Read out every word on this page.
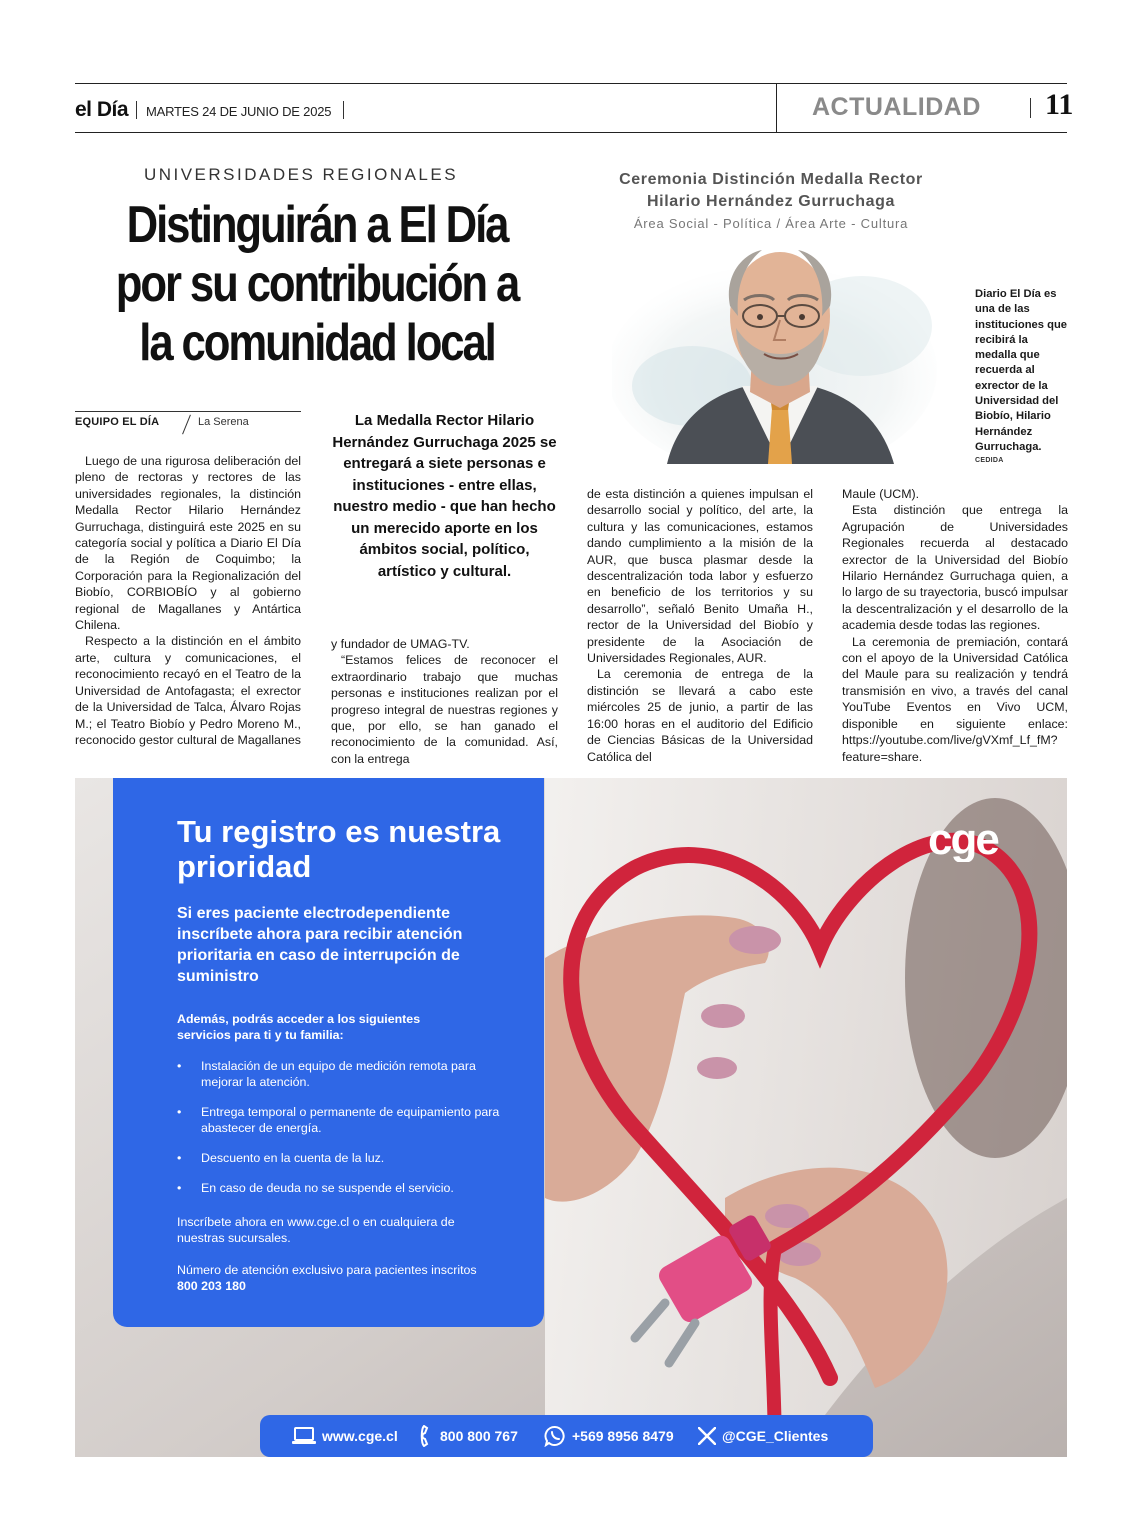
el Día MARTES 24 DE JUNIO DE 2025	ACTUALIDAD 11
UNIVERSIDADES REGIONALES
Distinguirán a El Día por su contribución a la comunidad local
EQUIPO EL DÍA	La Serena

Luego de una rigurosa deliberación del pleno de rectoras y rectores de las universidades regionales, la distinción Medalla Rector Hilario Hernández Gurruchaga, distinguirá este 2025 en su categoría social y política a Diario El Día de la Región de Coquimbo; la Corporación para la Regionalización del Biobío, CORBIOBÍO y al gobierno regional de Magallanes y Antártica Chilena.

Respecto a la distinción en el ámbito arte, cultura y comunicaciones, el reconocimiento recayó en el Teatro de la Universidad de Antofagasta; el exrector de la Universidad de Talca, Álvaro Rojas M.; el Teatro Biobío y Pedro Moreno M., reconocido gestor cultural de Magallanes

La Medalla Rector Hilario Hernández Gurruchaga 2025 se entregará a siete personas e instituciones - entre ellas, nuestro medio - que han hecho un merecido aporte en los ámbitos social, político, artístico y cultural.

y fundador de UMAG-TV.

“Estamos felices de reconocer el extraordinario trabajo que muchas personas e instituciones realizan por el progreso integral de nuestras regiones y que, por ello, se han ganado el reconocimiento de la comunidad. Así, con la entrega

de esta distinción a quienes impulsan el desarrollo social y político, del arte, la cultura y las comunicaciones, estamos dando cumplimiento a la misión de la AUR, que busca plasmar desde la descentralización toda labor y esfuerzo en beneficio de los territorios y su desarrollo”, señaló Benito Umaña H., rector de la Universidad del Biobío y presidente de la Asociación de Universidades Regionales, AUR.

La ceremonia de entrega de la distinción se llevará a cabo este miércoles 25 de junio, a partir de las 16:00 horas en el auditorio del Edificio de Ciencias Básicas de la Universidad Católica del

Maule (UCM).

Esta distinción que entrega la Agrupación de Universidades Regionales recuerda al destacado exrector de la Universidad del Biobío Hilario Hernández Gurruchaga quien, a lo largo de su trayectoria, buscó impulsar la descentralización y el desarrollo de la academia desde todas las regiones.

La ceremonia de premiación, contará con el apoyo de la Universidad Católica del Maule para su realización y tendrá transmisión en vivo, a través del canal YouTube Eventos en Vivo UCM, disponible en siguiente enlace: https://youtube.com/live/gVXmf_Lf_fM?feature=share.

Ceremonia Distinción Medalla Rector
Hilario Hernández Gurruchaga
Área Social - Política / Área Arte - Cultura
Diario El Día es una de las instituciones que recibirá la medalla que recuerda al exrector de la Universidad del Biobío, Hilario Hernández Gurruchaga.
CEDIDA
Tu registro es nuestra prioridad
Si eres paciente electrodependiente inscríbete ahora para recibir atención prioritaria en caso de interrupción de suministro
Además, podrás acceder a los siguientes servicios para ti y tu familia:
• Instalación de un equipo de medición remota para mejorar la atención.
• Entrega temporal o permanente de equipamiento para abastecer de energía.
• Descuento en la cuenta de la luz.
• En caso de deuda no se suspende el servicio.
Inscríbete ahora en www.cge.cl o en cualquiera de nuestras sucursales.
Número de atención exclusivo para pacientes inscritos 800 203 180
cge
www.cge.cl	800 800 767	+569 8956 8479	@CGE_Clientes
